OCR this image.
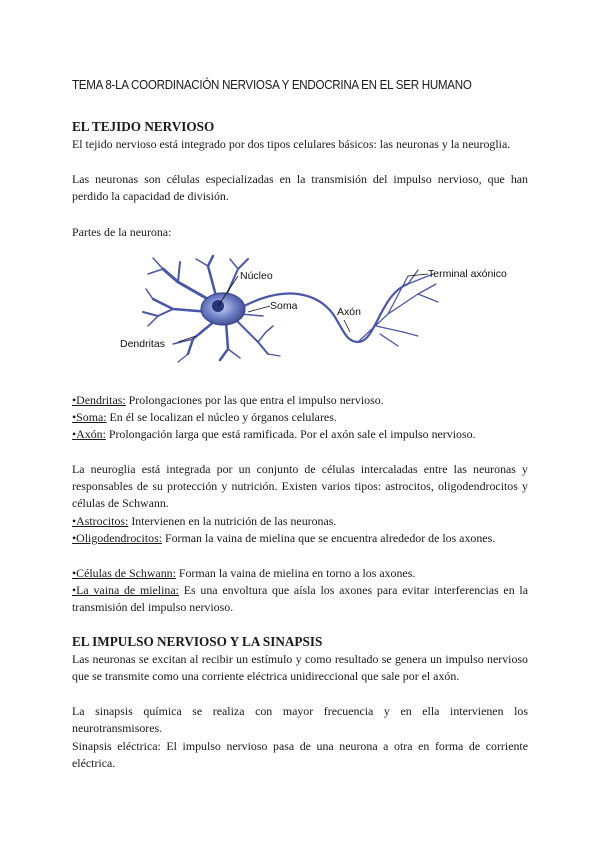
TEMA 8-LA COORDINACIÓN NERVIOSA Y ENDOCRINA EN EL SER HUMANO
EL TEJIDO NERVIOSO
El tejido nervioso está integrado por dos tipos celulares básicos: las neuronas y la neuroglia.
Las neuronas son células especializadas en la transmisión del impulso nervioso, que han perdido la capacidad de división.
Partes de la neurona:
Núcleo
Soma	Axón
Terminal axónico
Dendritas
•Dendritas: Prolongaciones por las que entra el impulso nervioso.
•Soma: En él se localizan el núcleo y órganos celulares.
•Axón: Prolongación larga que está ramificada. Por el axón sale el impulso nervioso.
La neuroglia está integrada por un conjunto de células intercaladas entre las neuronas y responsables de su protección y nutrición. Existen varios tipos: astrocitos, oligodendrocitos y células de Schwann.
•Astrocitos: Intervienen en la nutrición de las neuronas.
•Oligodendrocitos: Forman la vaina de mielina que se encuentra alrededor de los axones.
•Células de Schwann: Forman la vaina de mielina en torno a los axones.
•La vaina de mielina: Es una envoltura que aísla los axones para evitar interferencias en la transmisión del impulso nervioso.
EL IMPULSO NERVIOSO Y LA SINAPSIS
Las neuronas se excitan al recibir un estímulo y como resultado se genera un impulso nervioso que se transmite como una corriente eléctrica unidireccional que sale por el axón.
La sinapsis química se realiza con mayor frecuencia y en ella intervienen los neurotransmisores.
Sinapsis eléctrica: El impulso nervioso pasa de una neurona a otra en forma de corriente eléctrica.
